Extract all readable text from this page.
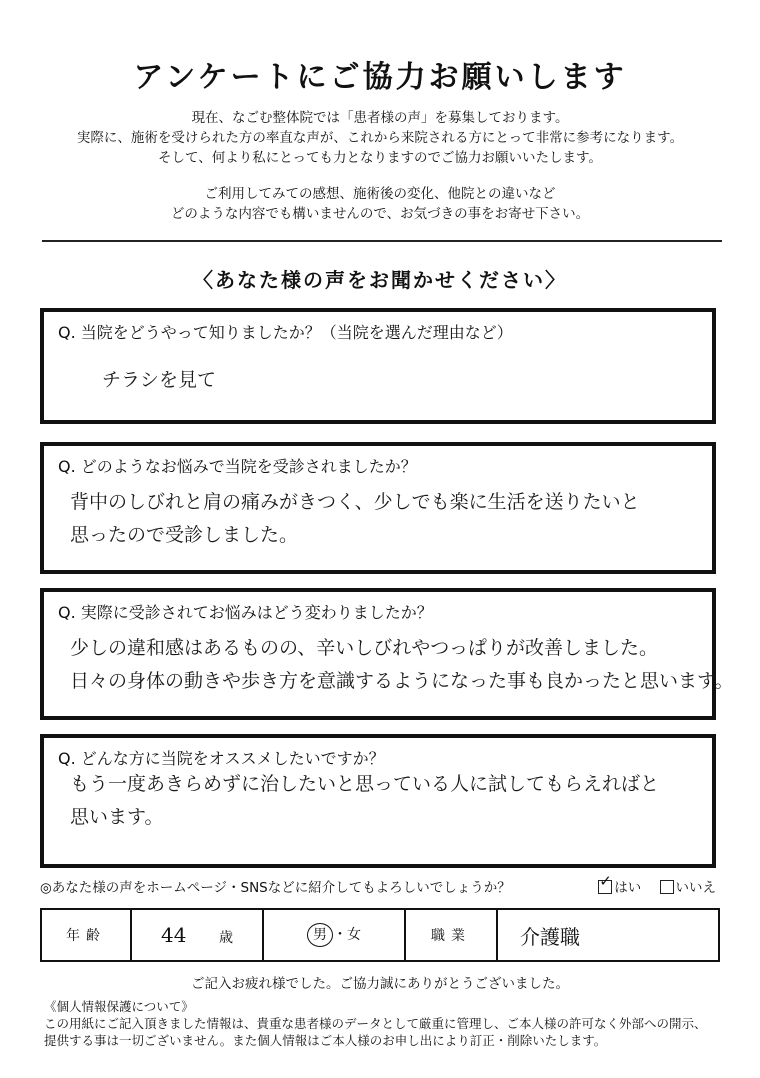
アンケートにご協力お願いします

現在、なごむ整体院では「患者様の声」を募集しております。

実際に、施術を受けられた方の率直な声が、これから来院される方にとって非常に参考になります。

そして、何より私にとっても力となりますのでご協力お願いいたします。

ご利用してみての感想、施術後の変化、他院との違いなど

どのような内容でも構いませんので、お気づきの事をお寄せ下さい。

〈あなた様の声をお聞かせください〉
Q. 当院をどうやって知りましたか？（当院を選んだ理由など）

チラシを見て

Q. どのようなお悩みで当院を受診されましたか？

背中のしびれと肩の痛みがきつく、少しでも楽に生活を送りたいと

思ったので受診しました。

Q. 実際に受診されてお悩みはどう変わりましたか？

少しの違和感はあるものの、辛いしびれやつっぱりが改善しました。

日々の身体の動きや歩き方を意識するようになった事も良かったと思います。

Q. どんな方に当院をオススメしたいですか？

もう一度あきらめずに治したいと思っている人に試してもらえればと

思います。

◎あなた様の声をホームページ・SNSなどに紹介してもよろしいでしょうか？	✓ はい	いいえ
年齢	44 歳	男 ・女	職業	介護職
ご記入お疲れ様でした。ご協力誠にありがとうございました。

《個人情報保護について》

この用紙にご記入頂きました情報は、貴重な患者様のデータとして厳重に管理し、ご本人様の許可なく外部への開示、

提供する事は一切ございません。また個人情報はご本人様のお申し出により訂正・削除いたします。
